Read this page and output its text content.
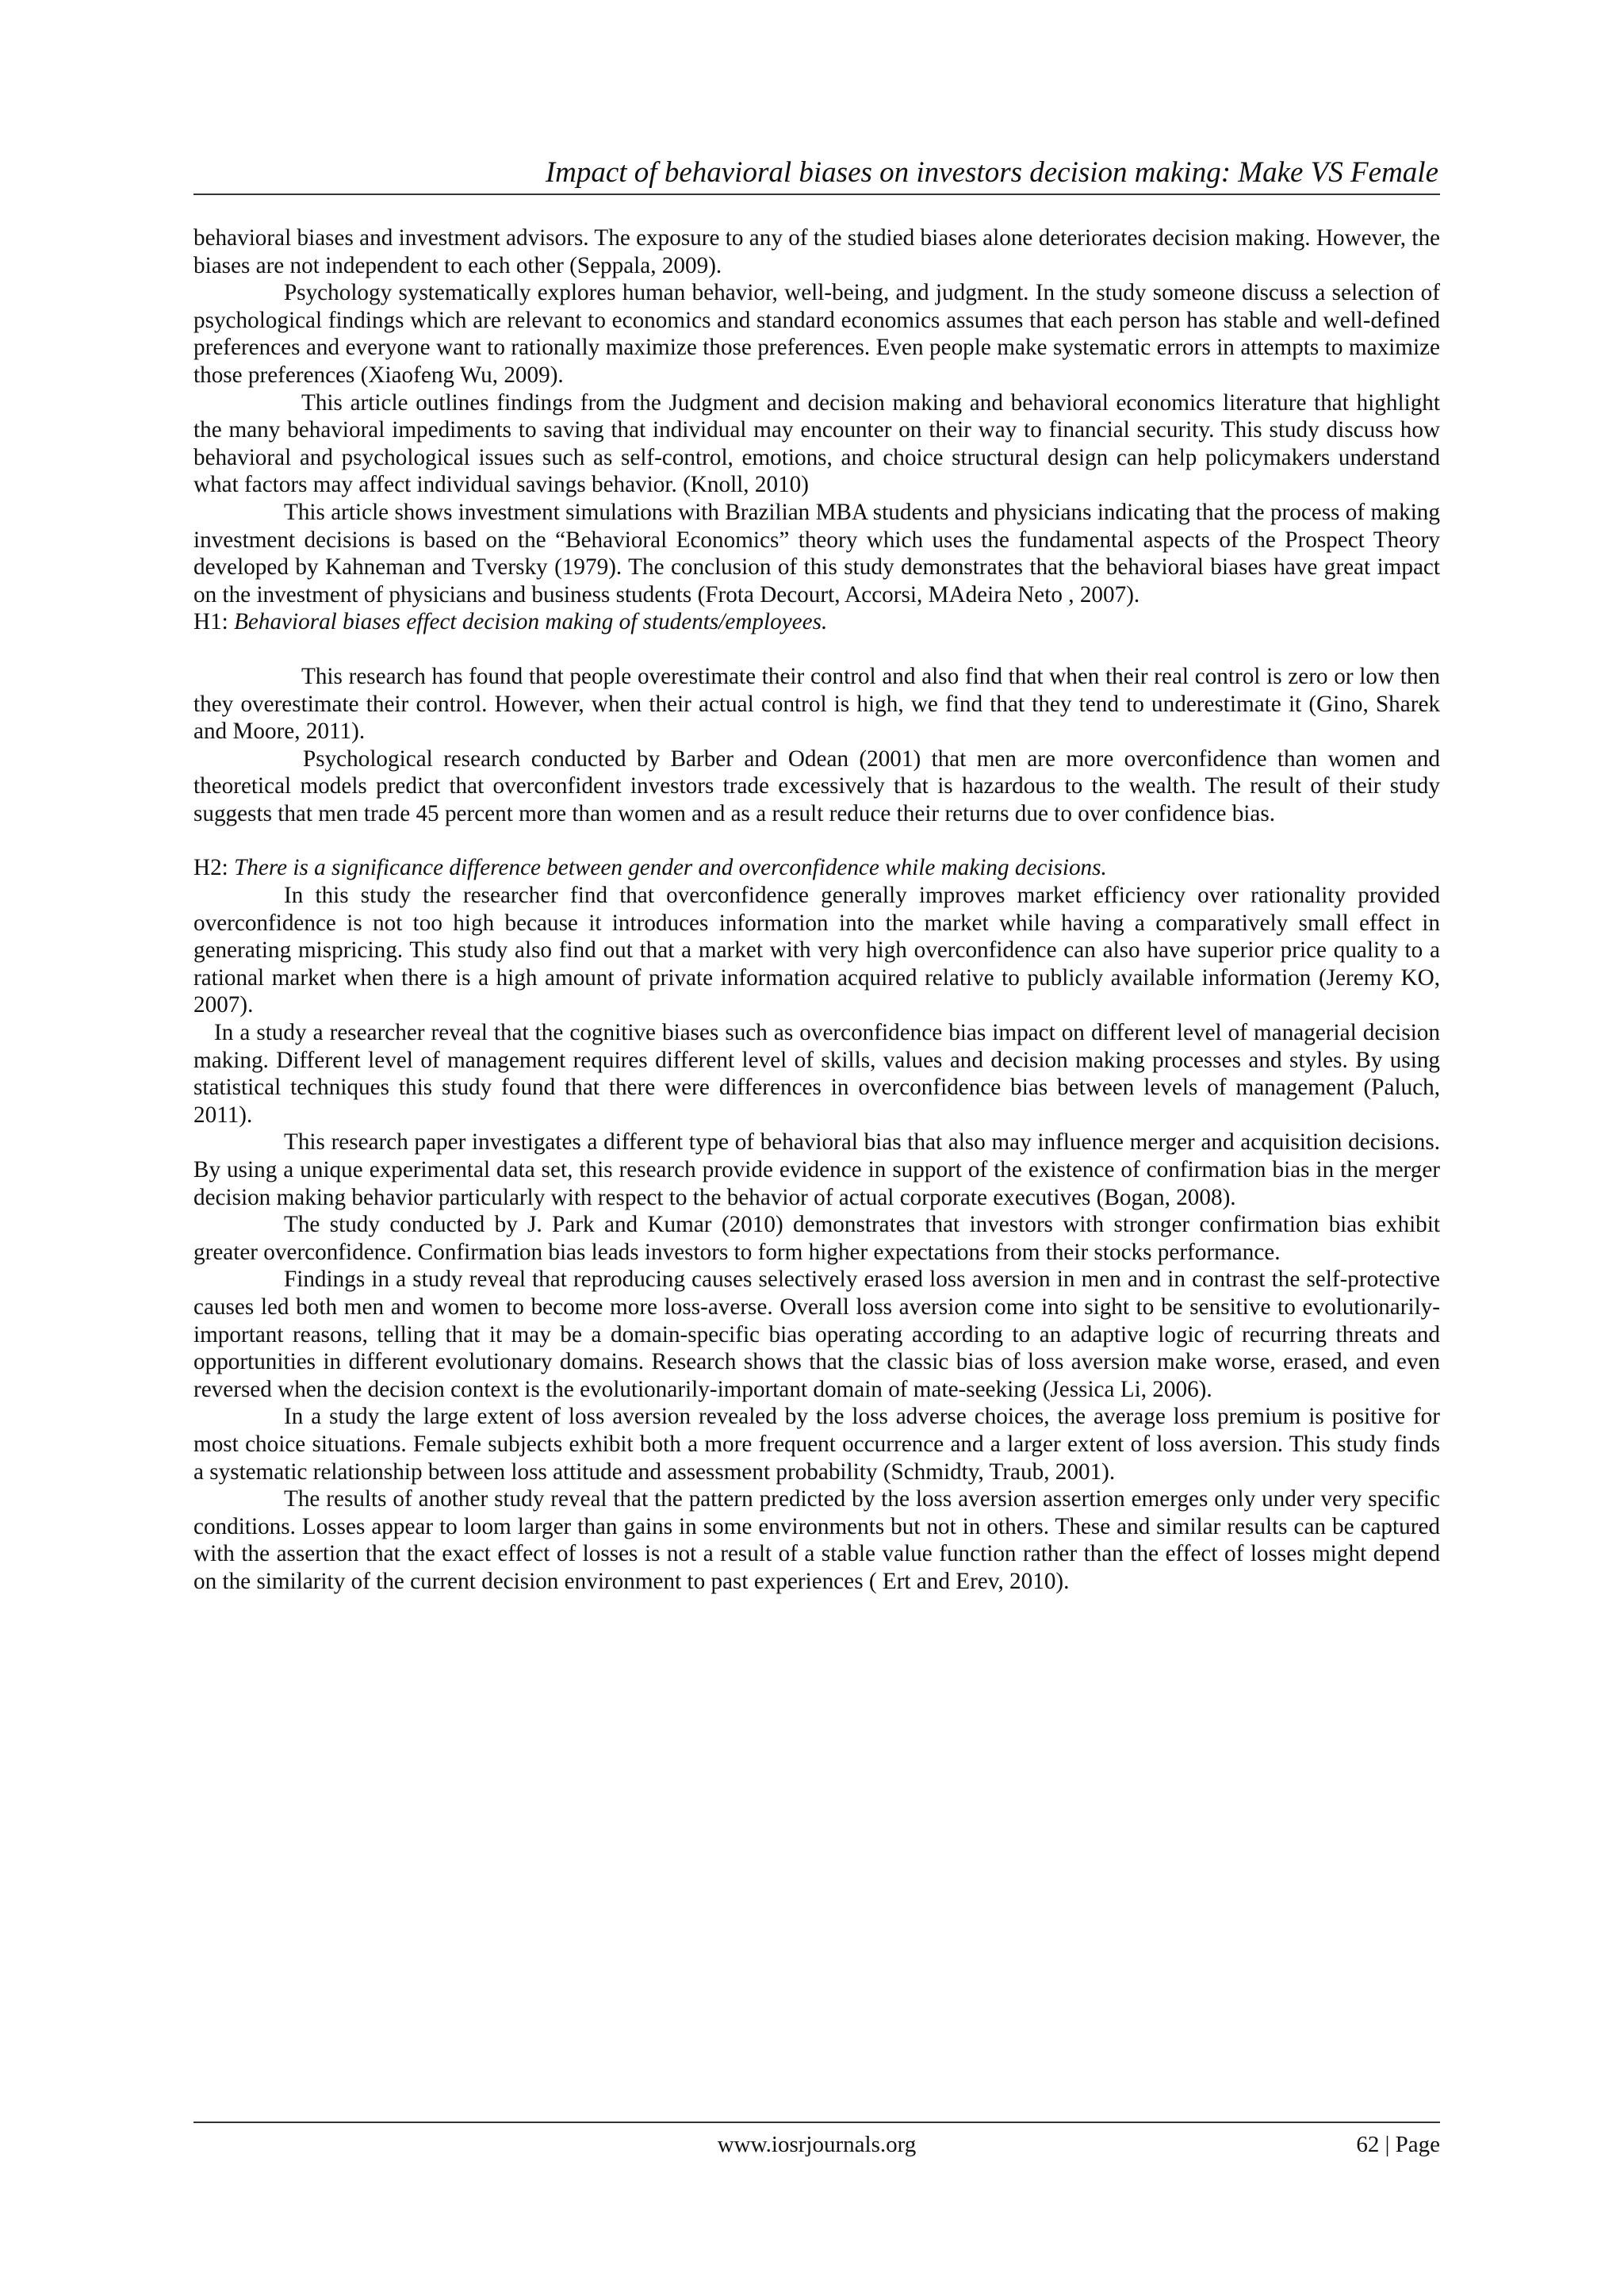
Impact of behavioral biases on investors decision making: Make VS Female

behavioral biases and investment advisors. The exposure to any of the studied biases alone deteriorates decision making. However, the biases are not independent to each other (Seppala, 2009).

Psychology systematically explores human behavior, well-being, and judgment. In the study someone discuss a selection of psychological findings which are relevant to economics and standard economics assumes that each person has stable and well-defined preferences and everyone want to rationally maximize those preferences. Even people make systematic errors in attempts to maximize those preferences (Xiaofeng Wu, 2009).

This article outlines findings from the Judgment and decision making and behavioral economics literature that highlight the many behavioral impediments to saving that individual may encounter on their way to financial security. This study discuss how behavioral and psychological issues such as self-control, emotions, and choice structural design can help policymakers understand what factors may affect individual savings behavior. (Knoll, 2010)

This article shows investment simulations with Brazilian MBA students and physicians indicating that the process of making investment decisions is based on the “Behavioral Economics” theory which uses the fundamental aspects of the Prospect Theory developed by Kahneman and Tversky (1979). The conclusion of this study demonstrates that the behavioral biases have great impact on the investment of physicians and business students (Frota Decourt, Accorsi, MAdeira Neto , 2007).

H1: Behavioral biases effect decision making of students/employees.

This research has found that people overestimate their control and also find that when their real control is zero or low then they overestimate their control. However, when their actual control is high, we find that they tend to underestimate it (Gino, Sharek and Moore, 2011).

Psychological research conducted by Barber and Odean (2001) that men are more overconfidence than women and theoretical models predict that overconfident investors trade excessively that is hazardous to the wealth. The result of their study suggests that men trade 45 percent more than women and as a result reduce their returns due to over confidence bias.

H2: There is a significance difference between gender and overconfidence while making decisions.

In this study the researcher find that overconfidence generally improves market efficiency over rationality provided overconfidence is not too high because it introduces information into the market while having a comparatively small effect in generating mispricing. This study also find out that a market with very high overconfidence can also have superior price quality to a rational market when there is a high amount of private information acquired relative to publicly available information (Jeremy KO, 2007).

In a study a researcher reveal that the cognitive biases such as overconfidence bias impact on different level of managerial decision making. Different level of management requires different level of skills, values and decision making processes and styles. By using statistical techniques this study found that there were differences in overconfidence bias between levels of management (Paluch, 2011).

This research paper investigates a different type of behavioral bias that also may influence merger and acquisition decisions. By using a unique experimental data set, this research provide evidence in support of the existence of confirmation bias in the merger decision making behavior particularly with respect to the behavior of actual corporate executives (Bogan, 2008).

The study conducted by J. Park and Kumar (2010) demonstrates that investors with stronger confirmation bias exhibit greater overconfidence. Confirmation bias leads investors to form higher expectations from their stocks performance.

Findings in a study reveal that reproducing causes selectively erased loss aversion in men and in contrast the self-protective causes led both men and women to become more loss-averse. Overall loss aversion come into sight to be sensitive to evolutionarily-important reasons, telling that it may be a domain-specific bias operating according to an adaptive logic of recurring threats and opportunities in different evolutionary domains. Research shows that the classic bias of loss aversion make worse, erased, and even reversed when the decision context is the evolutionarily-important domain of mate-seeking (Jessica Li, 2006).

In a study the large extent of loss aversion revealed by the loss adverse choices, the average loss premium is positive for most choice situations. Female subjects exhibit both a more frequent occurrence and a larger extent of loss aversion. This study finds a systematic relationship between loss attitude and assessment probability (Schmidty, Traub, 2001).

The results of another study reveal that the pattern predicted by the loss aversion assertion emerges only under very specific conditions. Losses appear to loom larger than gains in some environments but not in others. These and similar results can be captured with the assertion that the exact effect of losses is not a result of a stable value function rather than the effect of losses might depend on the similarity of the current decision environment to past experiences ( Ert and Erev, 2010).

www.iosrjournals.org	62 | Page
